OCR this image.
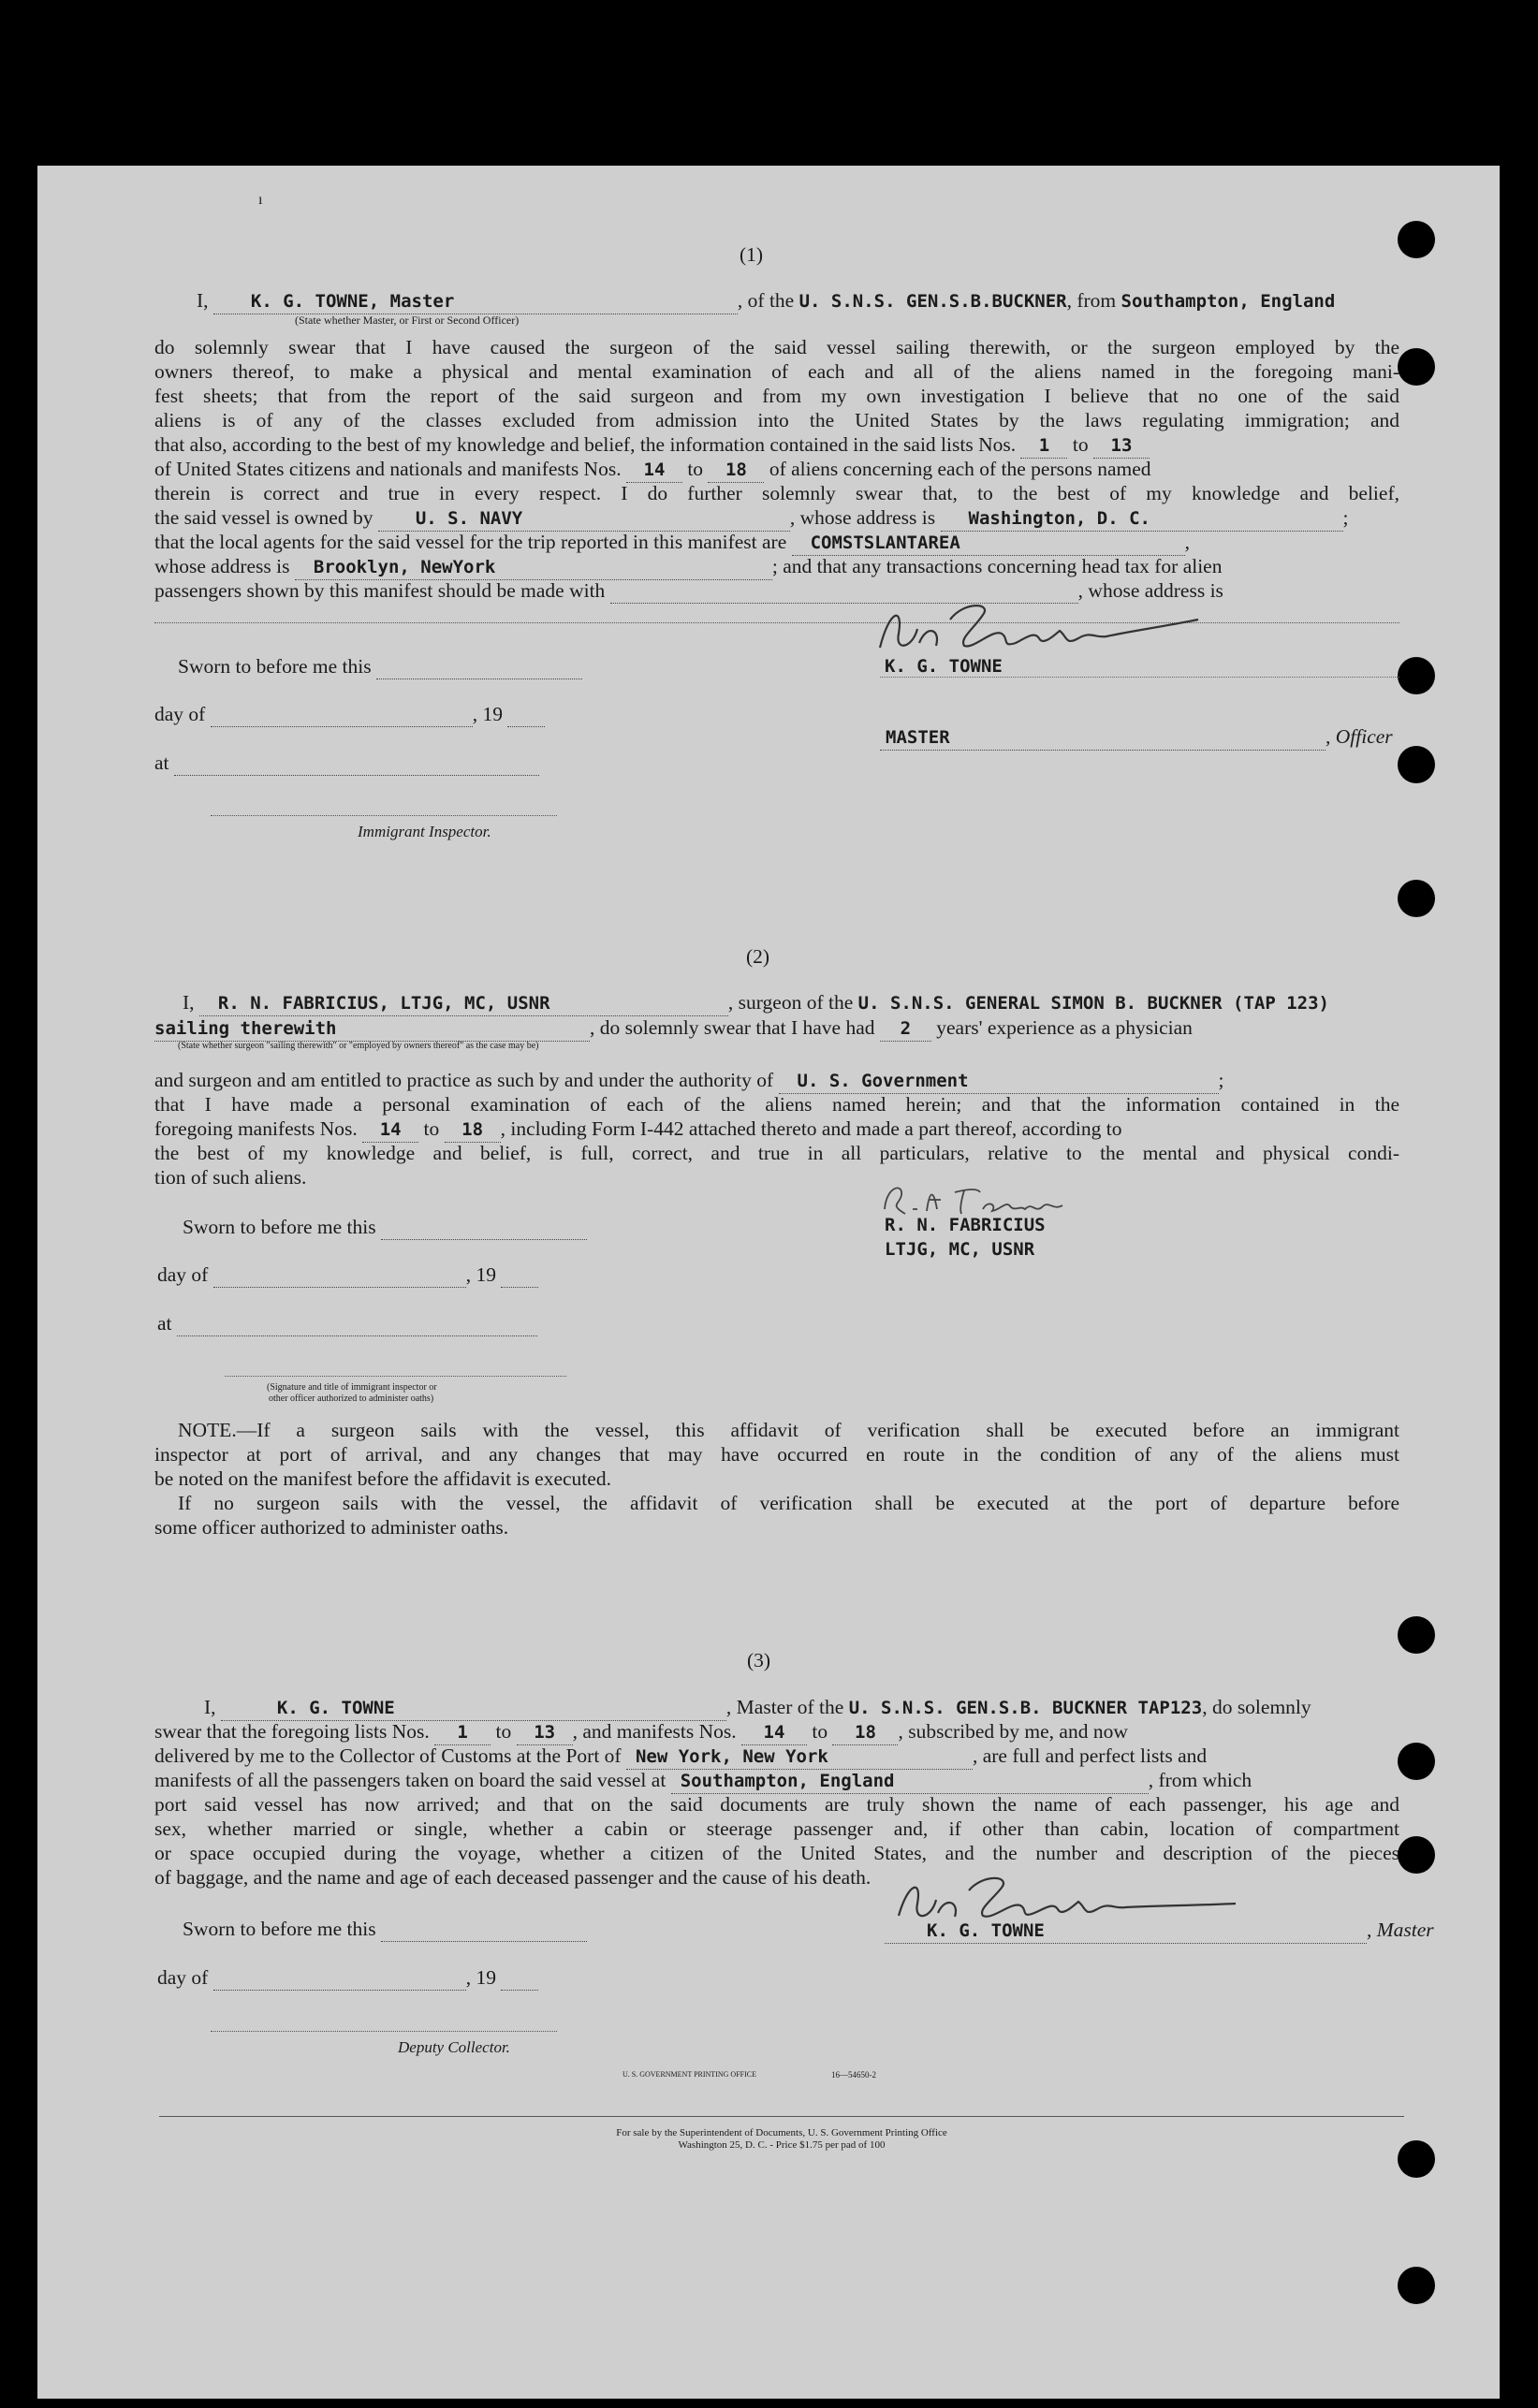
ı
(1)
I, K. G. TOWNE, Master	, of the U. S.N.S. GEN.S.B.BUCKNER, from Southampton, England
(State whether Master, or First or Second Officer)
do solemnly swear that I have caused the surgeon of the said vessel sailing therewith, or the surgeon employed by the
owners thereof, to make a physical and mental examination of each and all of the aliens named in the foregoing mani-
fest sheets; that from the report of the said surgeon and from my own investigation I believe that no one of the said
aliens is of any of the classes excluded from admission into the United States by the laws regulating immigration; and
that also, according to the best of my knowledge and belief, the information contained in the said lists Nos. 1 to 13
of United States citizens and nationals and manifests Nos. 14 to 18 of aliens concerning each of the persons named
therein is correct and true in every respect. I do further solemnly swear that, to the best of my knowledge and belief,
the said vessel is owned by U. S. NAVY	, whose address is Washington, D. C.	;
that the local agents for the said vessel for the trip reported in this manifest are COMSTSLANTAREA	,
whose address is Brooklyn, NewYork	; and that any transactions concerning head tax for alien
passengers shown by this manifest should be made with	, whose address is
Sworn to before me this
day of	, 19
at
Immigrant Inspector.
K. G. TOWNE
MASTER	, Officer
(2)
I, R. N. FABRICIUS, LTJG, MC, USNR	, surgeon of the U. S.N.S. GENERAL SIMON B. BUCKNER (TAP 123)
sailing therewith	, do solemnly swear that I have had 2 years' experience as a physician
(State whether surgeon "sailing therewith" or "employed by owners thereof" as the case may be)
and surgeon and am entitled to practice as such by and under the authority of U. S. Government	;
that I have made a personal examination of each of the aliens named herein; and that the information contained in the
foregoing manifests Nos. 14 to 18 , including Form I-442 attached thereto and made a part thereof, according to
the best of my knowledge and belief, is full, correct, and true in all particulars, relative to the mental and physical condi-
tion of such aliens.
Sworn to before me this
day of	, 19
at
(Signature and title of immigrant inspector or
other officer authorized to administer oaths)
R. N. FABRICIUS
LTJG, MC, USNR
NOTE.—If a surgeon sails with the vessel, this affidavit of verification shall be executed before an immigrant
inspector at port of arrival, and any changes that may have occurred en route in the condition of any of the aliens must
be noted on the manifest before the affidavit is executed.
If no surgeon sails with the vessel, the affidavit of verification shall be executed at the port of departure before
some officer authorized to administer oaths.
(3)
I,	K. G. TOWNE	, Master of the U. S.N.S. GEN.S.B. BUCKNER TAP123, do solemnly
swear that the foregoing lists Nos. 1 to 13 , and manifests Nos. 14 to 18 , subscribed by me, and now
delivered by me to the Collector of Customs at the Port of New York, New York	, are full and perfect lists and
manifests of all the passengers taken on board the said vessel at Southampton, England	, from which
port said vessel has now arrived; and that on the said documents are truly shown the name of each passenger, his age and
sex, whether married or single, whether a cabin or steerage passenger and, if other than cabin, location of compartment
or space occupied during the voyage, whether a citizen of the United States, and the number and description of the pieces
of baggage, and the name and age of each deceased passenger and the cause of his death.
Sworn to before me this	K. G. TOWNE	, Master
day of	, 19
Deputy Collector.
U. S. GOVERNMENT PRINTING OFFICE	16—54650-2
For sale by the Superintendent of Documents, U. S. Government Printing Office
Washington 25, D. C. - Price $1.75 per pad of 100
